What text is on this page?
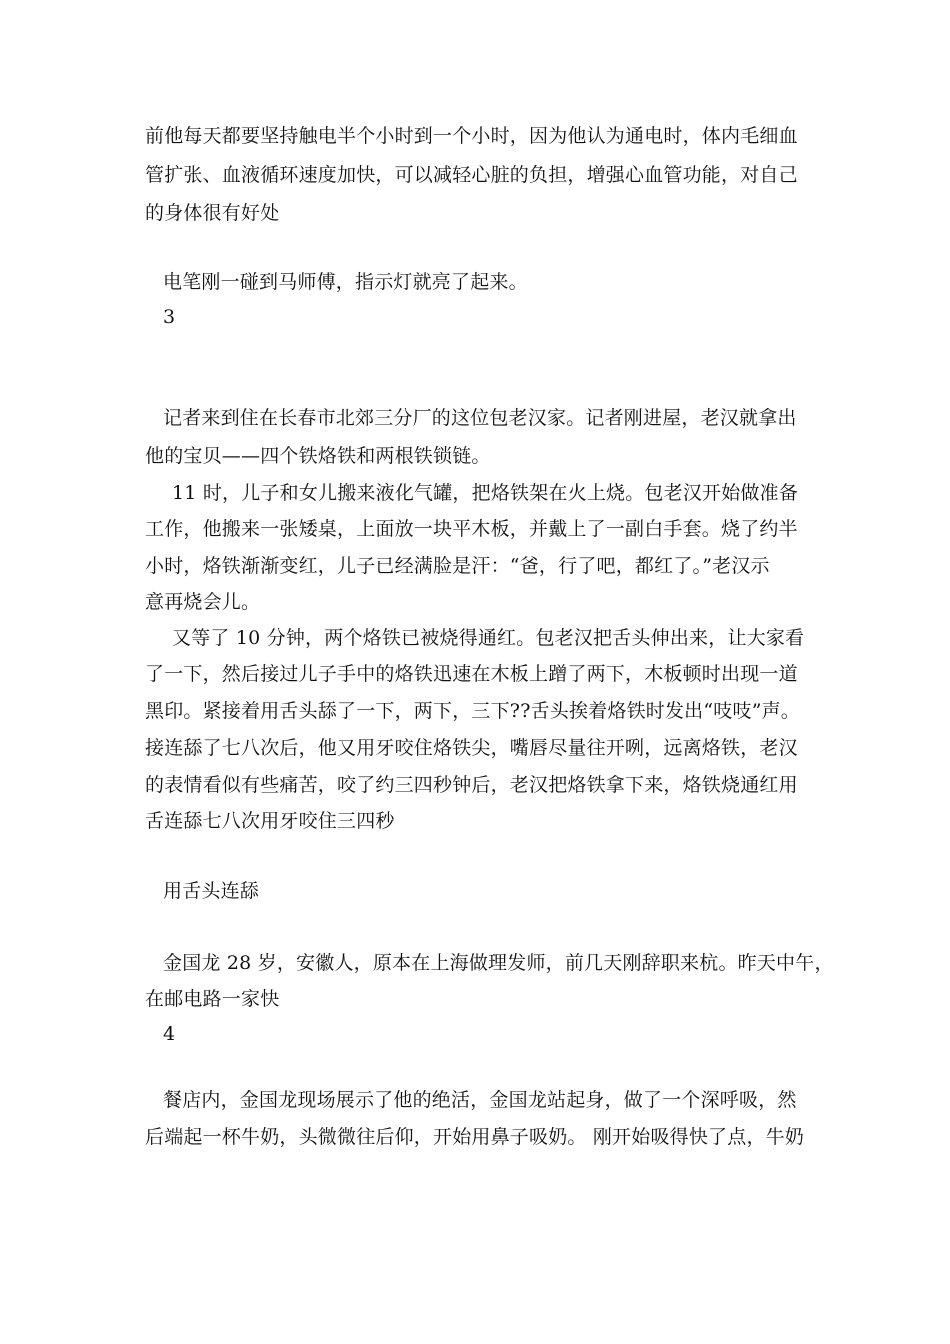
前他每天都要坚持触电半个小时到一个小时，因为他认为通电时，体内毛细血
管扩张、血液循环速度加快，可以减轻心脏的负担，增强心血管功能，对自己
的身体很有好处
电笔刚一碰到马师傅，指示灯就亮了起来。
3
记者来到住在长春市北郊三分厂的这位包老汉家。记者刚进屋，老汉就拿出
他的宝贝——四个铁烙铁和两根铁锁链。
11 时，儿子和女儿搬来液化气罐，把烙铁架在火上烧。包老汉开始做准备
工作，他搬来一张矮桌，上面放一块平木板，并戴上了一副白手套。烧了约半
小时，烙铁渐渐变红，儿子已经满脸是汗：“爸，行了吧，都红了。”老汉示
意再烧会儿。
又等了 10 分钟，两个烙铁已被烧得通红。包老汉把舌头伸出来，让大家看
了一下，然后接过儿子手中的烙铁迅速在木板上蹭了两下，木板顿时出现一道
黑印。紧接着用舌头舔了一下，两下，三下??舌头挨着烙铁时发出“吱吱”声。
接连舔了七八次后，他又用牙咬住烙铁尖，嘴唇尽量往开咧，远离烙铁，老汉
的表情看似有些痛苦，咬了约三四秒钟后，老汉把烙铁拿下来，烙铁烧通红用
舌连舔七八次用牙咬住三四秒
用舌头连舔
金国龙 28 岁，安徽人，原本在上海做理发师，前几天刚辞职来杭。昨天中午，
在邮电路一家快
4
餐店内，金国龙现场展示了他的绝活，金国龙站起身，做了一个深呼吸，然
后端起一杯牛奶，头微微往后仰，开始用鼻子吸奶。 刚开始吸得快了点，牛奶
